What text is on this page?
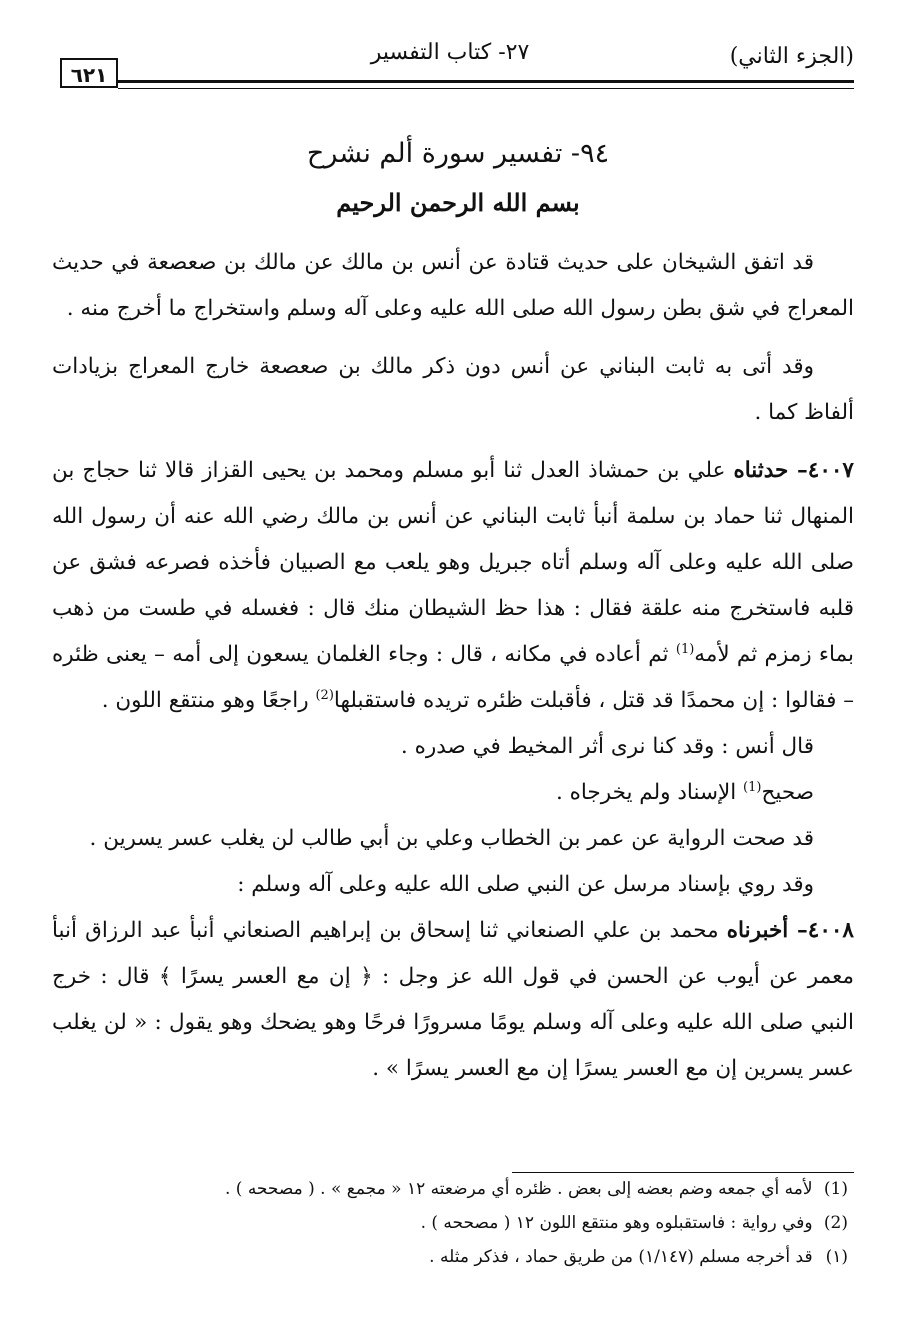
(الجزء الثاني)
٢٧- كتاب التفسير
٦٢١
٩٤- تفسير سورة ألم نشرح
بسم الله الرحمن الرحيم

قد اتفق الشيخان على حديث قتادة عن أنس بن مالك عن مالك بن صعصعة في حديث المعراج في شق بطن رسول الله صلى الله عليه وعلى آله وسلم واستخراج ما أخرج منه .

وقد أتى به ثابت البناني عن أنس دون ذكر مالك بن صعصعة خارج المعراج بزيادات ألفاظ كما .

٤٠٠٧– حدثناه علي بن حمشاذ العدل ثنا أبو مسلم ومحمد بن يحيى القزاز قالا ثنا حجاج بن المنهال ثنا حماد بن سلمة أنبأ ثابت البناني عن أنس بن مالك رضي الله عنه أن رسول الله صلى الله عليه وعلى آله وسلم أتاه جبريل وهو يلعب مع الصبيان فأخذه فصرعه فشق عن قلبه فاستخرج منه علقة فقال : هذا حظ الشيطان منك قال : فغسله في طست من ذهب بماء زمزم ثم لأمه$^{(1)}$ ثم أعاده في مكانه ، قال : وجاء الغلمان يسعون إلى أمه – يعنى ظئره – فقالوا : إن محمدًا قد قتل ، فأقبلت ظئره تريده فاستقبلها$^{(2)}$ راجعًا وهو منتقع اللون .

قال أنس : وقد كنا نرى أثر المخيط في صدره .

صحيح$^{(1)}$ الإسناد ولم يخرجاه .

قد صحت الرواية عن عمر بن الخطاب وعلي بن أبي طالب لن يغلب عسر يسرين .

وقد روي بإسناد مرسل عن النبي صلى الله عليه وعلى آله وسلم :

٤٠٠٨– أخبرناه محمد بن علي الصنعاني ثنا إسحاق بن إبراهيم الصنعاني أنبأ عبد الرزاق أنبأ معمر عن أيوب عن الحسن في قول الله عز وجل : ﴿ إن مع العسر يسرًا ﴾ قال : خرج النبي صلى الله عليه وعلى آله وسلم يومًا مسرورًا فرحًا وهو يضحك وهو يقول : « لن يغلب عسر يسرين إن مع العسر يسرًا إن مع العسر يسرًا » .

(1) لأمه أي جمعه وضم بعضه إلى بعض . ظئره أي مرضعته ١٢ « مجمع » . ( مصححه ) .

(2) وفي رواية : فاستقبلوه وهو منتقع اللون ١٢ ( مصححه ) .

(١) قد أخرجه مسلم (١/١٤٧) من طريق حماد ، فذكر مثله .
